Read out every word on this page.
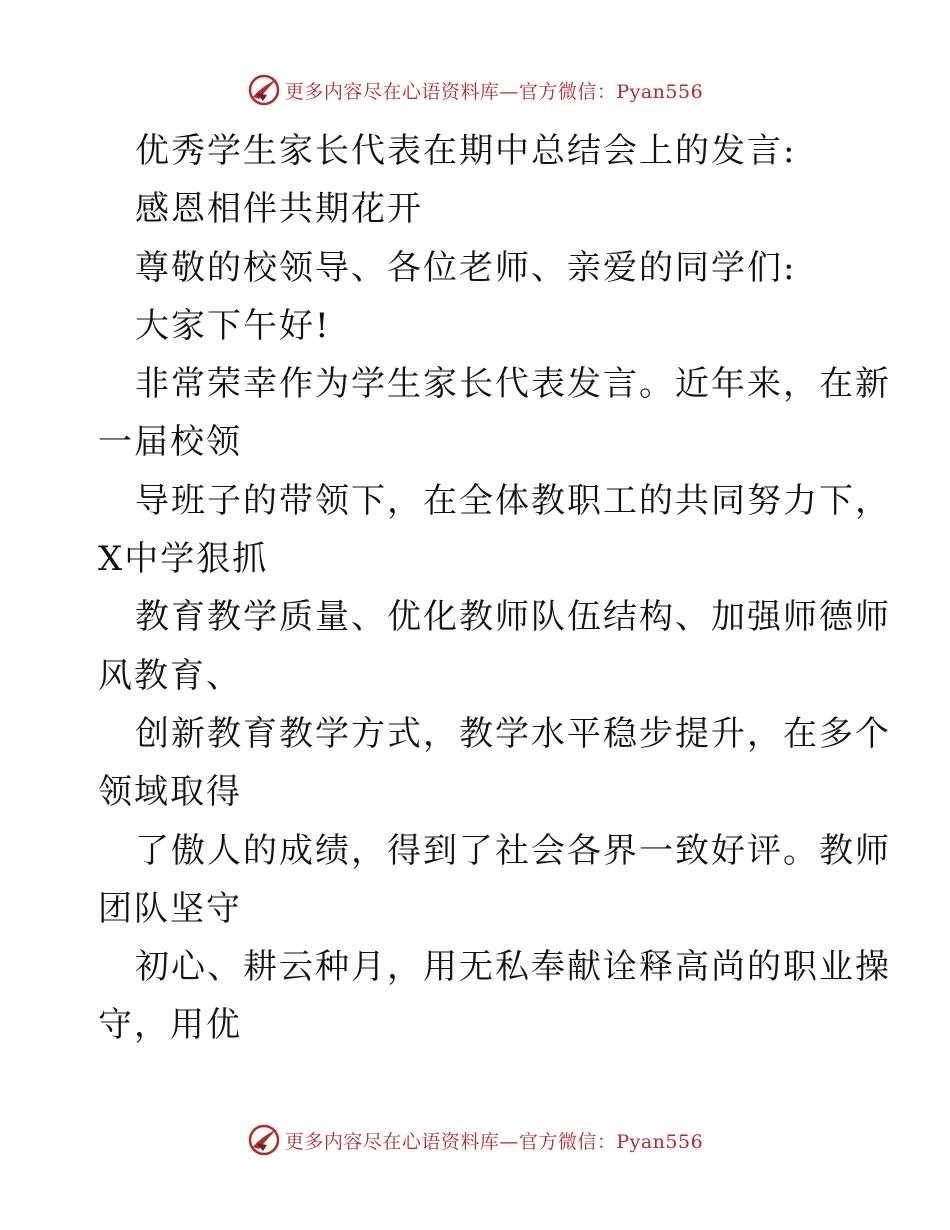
更多内容尽在心语资料库—官方微信：Pyan556
优秀学生家长代表在期中总结会上的发言:
感恩相伴共期花开
尊敬的校领导、各位老师、亲爱的同学们:
大家下午好!
非常荣幸作为学生家长代表发言。近年来，在新
一届校领
导班子的带领下，在全体教职工的共同努力下，
X中学狠抓
教育教学质量、优化教师队伍结构、加强师德师
风教育、
创新教育教学方式，教学水平稳步提升，在多个
领域取得
了傲人的成绩，得到了社会各界一致好评。教师
团队坚守
初心、耕云种月，用无私奉献诠释高尚的职业操
守，用优
更多内容尽在心语资料库—官方微信：Pyan556
